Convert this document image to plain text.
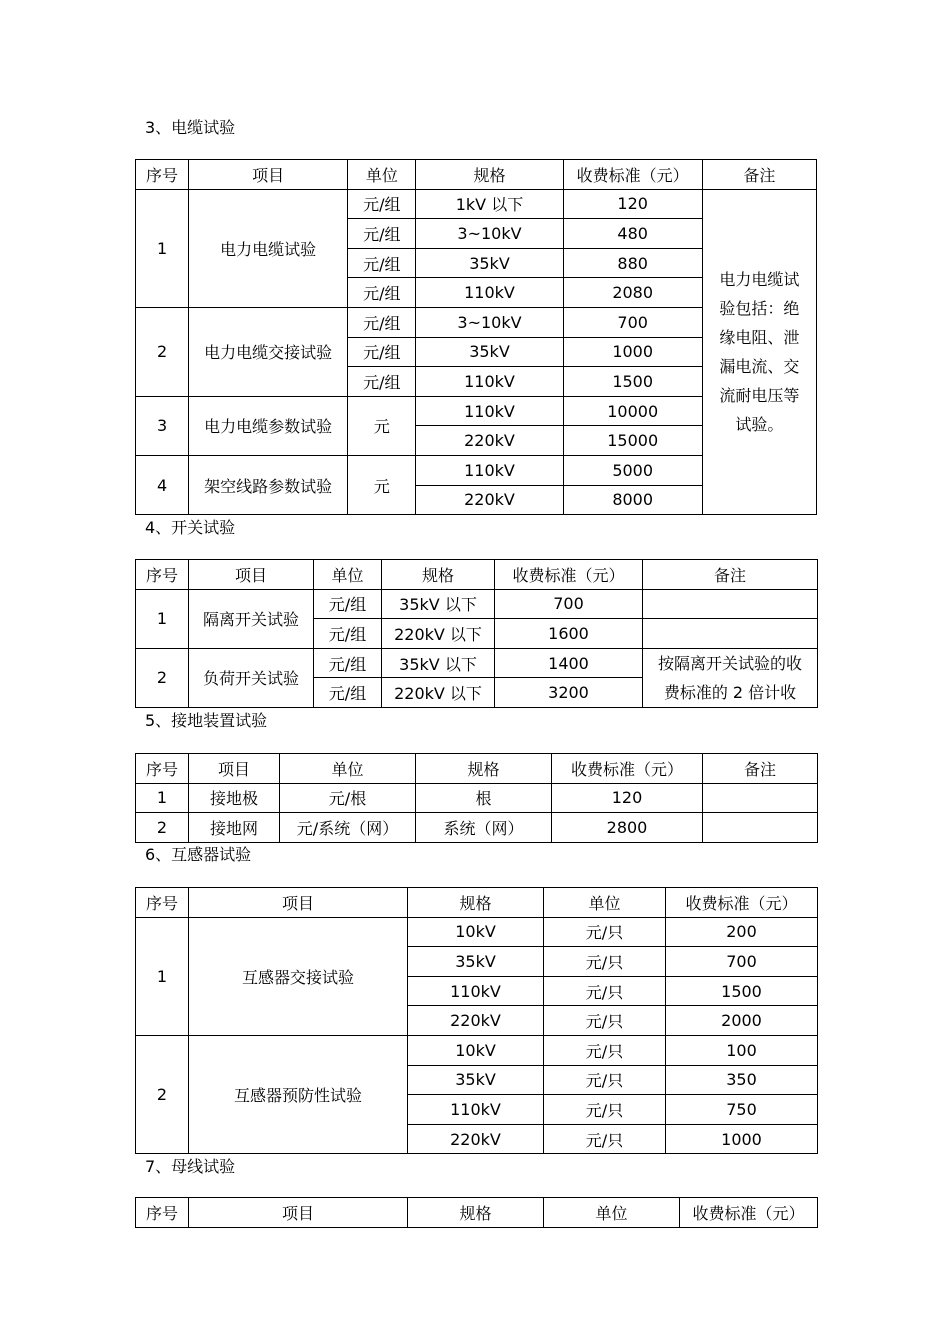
3、电缆试验
序号	项目	单位	规格	收费标准（元）	备注
1	电力电缆试验	元/组	1kV 以下	120	电力电缆试验包括：绝缘电阻、泄漏电流、交流耐电压等试验。
		元/组	3~10kV	480	
		元/组	35kV	880	
		元/组	110kV	2080	
2	电力电缆交接试验	元/组	3~10kV	700	
		元/组	35kV	1000	
		元/组	110kV	1500	
3	电力电缆参数试验	元	110kV	10000	
			220kV	15000	
4	架空线路参数试验	元	110kV	5000	
			220kV	8000	
4、开关试验
序号	项目	单位	规格	收费标准（元）	备注
1	隔离开关试验	元/组	35kV 以下	700	
		元/组	220kV 以下	1600	
2	负荷开关试验	元/组	35kV 以下	1400	按隔离开关试验的收费标准的 2 倍计收
		元/组	220kV 以下	3200	
5、接地装置试验
序号	项目	单位	规格	收费标准（元）	备注
1	接地极	元/根	根	120	
2	接地网	元/系统（网）	系统（网）	2800	
6、互感器试验
序号	项目	规格	单位	收费标准（元）
1	互感器交接试验	10kV	元/只	200
		35kV	元/只	700
		110kV	元/只	1500
		220kV	元/只	2000
2	互感器预防性试验	10kV	元/只	100
		35kV	元/只	350
		110kV	元/只	750
		220kV	元/只	1000
7、母线试验
序号	项目	规格	单位	收费标准（元）
